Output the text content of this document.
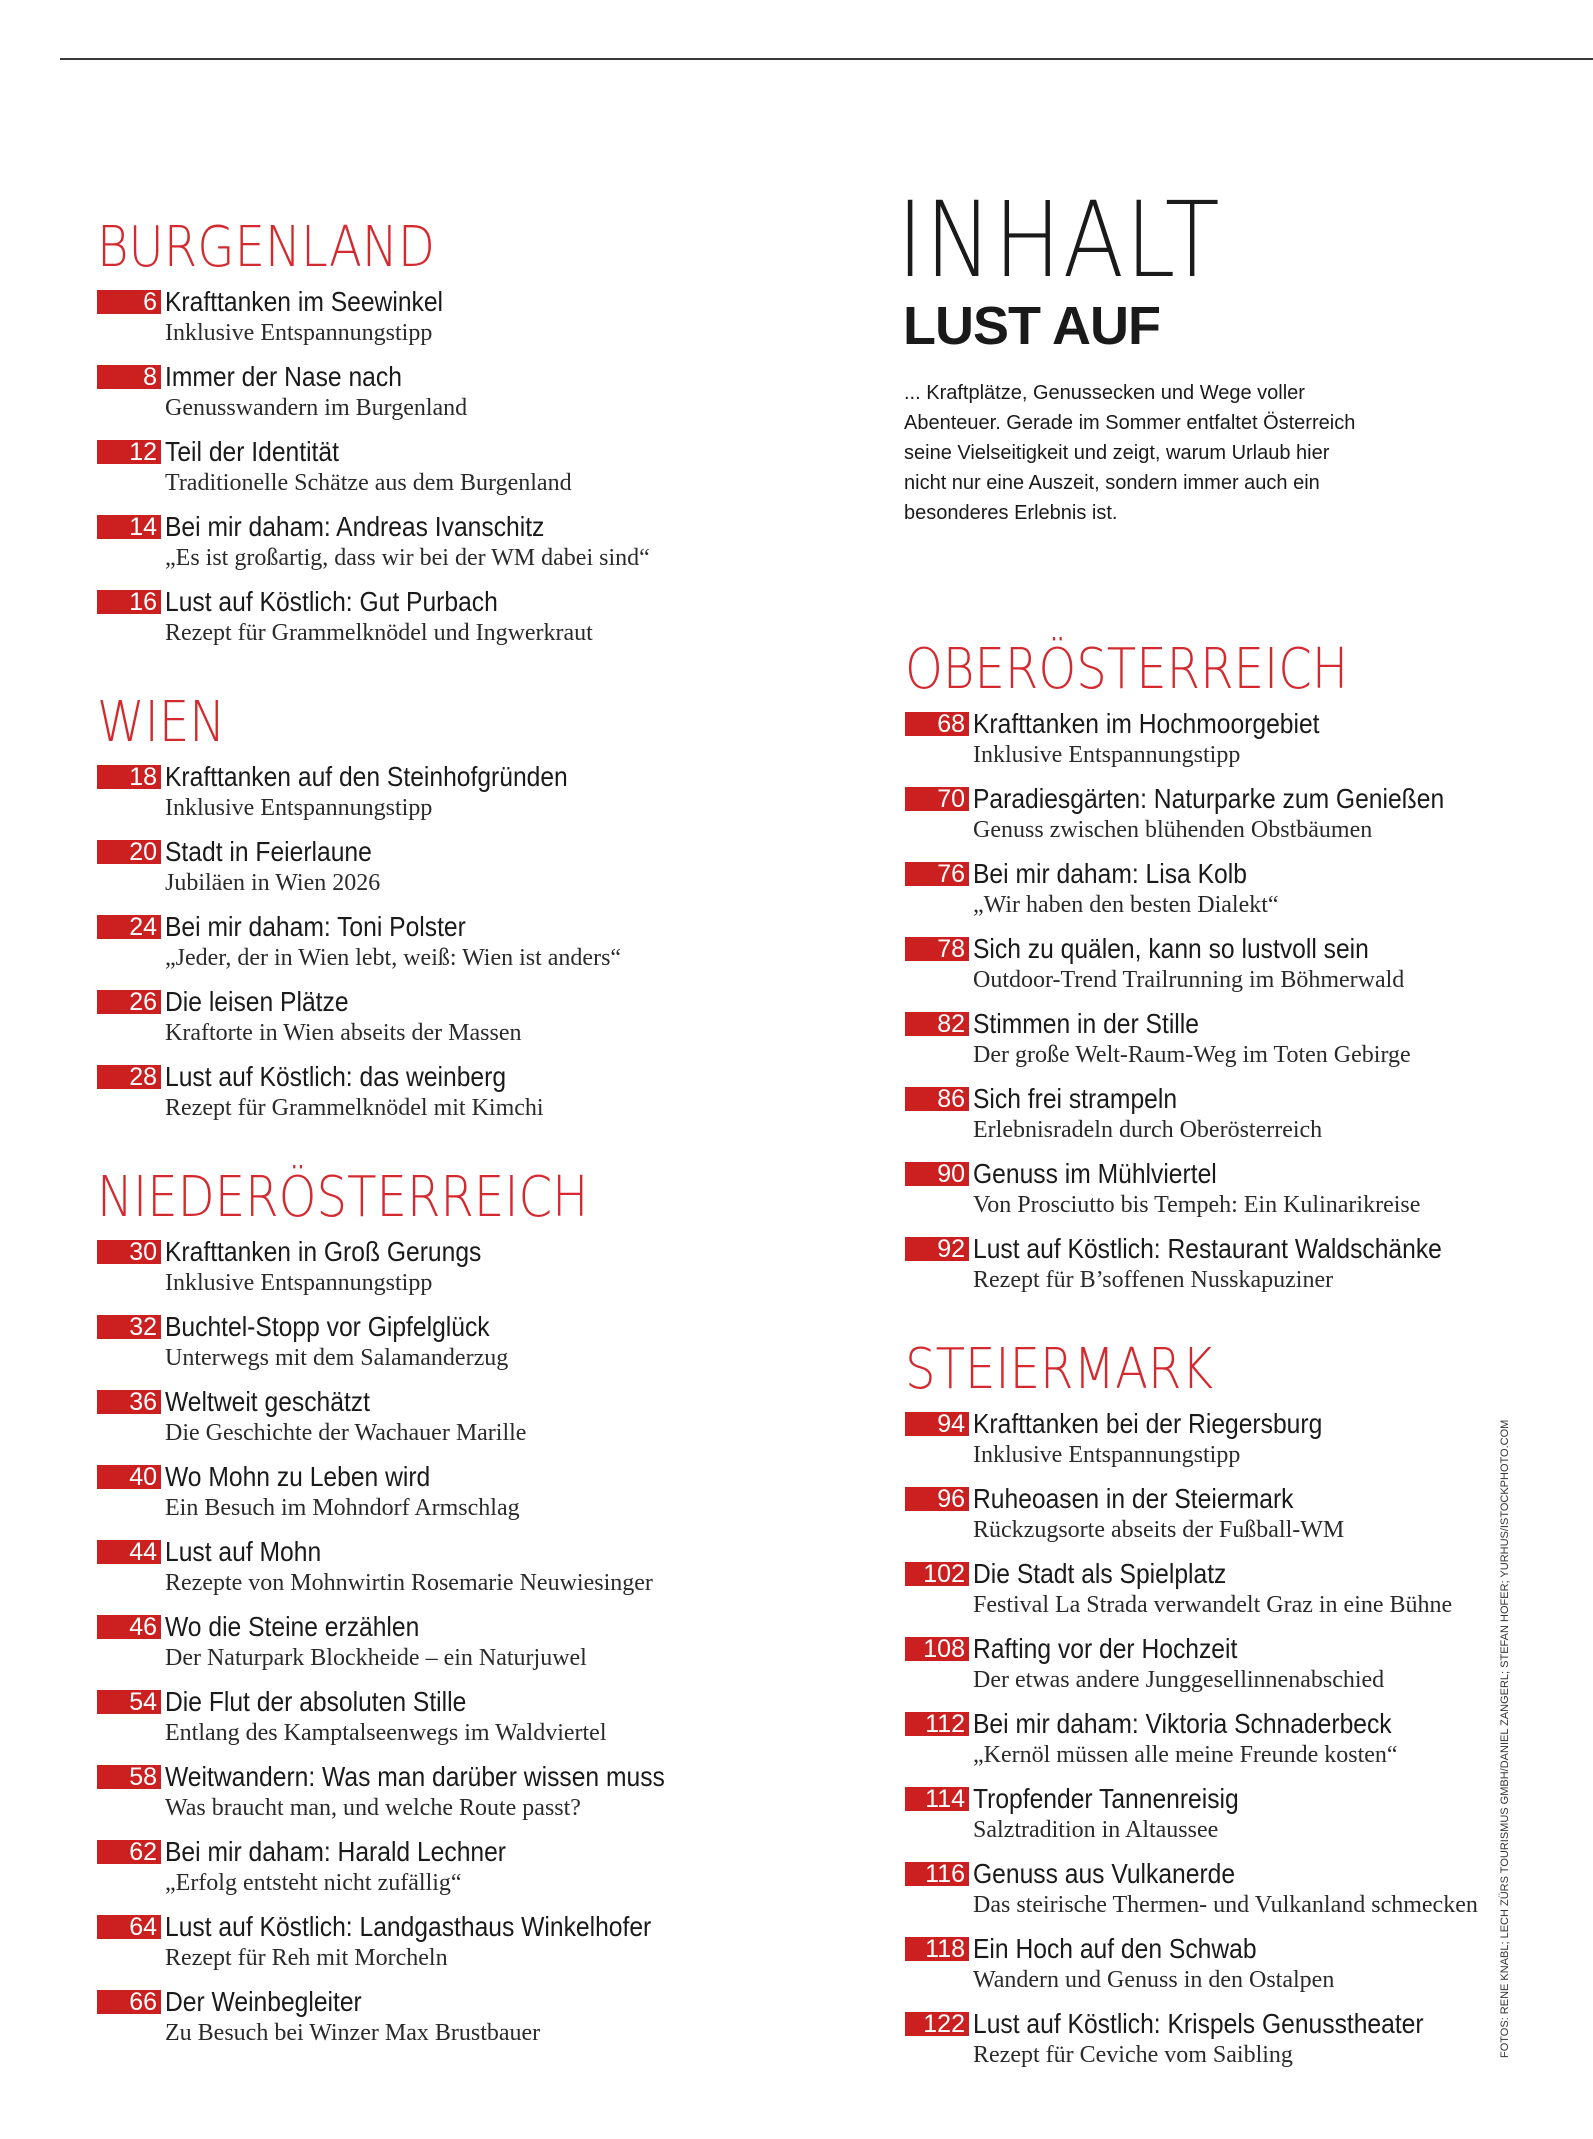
INHALT
LUST AUF
... Kraftplätze, Genussecken und Wege voller Abenteuer. Gerade im Sommer entfaltet Österreich seine Vielseitigkeit und zeigt, warum Urlaub hier nicht nur eine Auszeit, sondern immer auch ein besonderes Erlebnis ist.
BURGENLAND
6 Krafttanken im Seewinkel
Inklusive Entspannungstipp
8 Immer der Nase nach
Genusswandern im Burgenland
12 Teil der Identität
Traditionelle Schätze aus dem Burgenland
14 Bei mir daham: Andreas Ivanschitz
„Es ist großartig, dass wir bei der WM dabei sind“
16 Lust auf Köstlich: Gut Purbach
Rezept für Grammelknödel und Ingwerkraut
WIEN
18 Krafttanken auf den Steinhofgründen
Inklusive Entspannungstipp
20 Stadt in Feierlaune
Jubiläen in Wien 2026
24 Bei mir daham: Toni Polster
„Jeder, der in Wien lebt, weiß: Wien ist anders“
26 Die leisen Plätze
Kraftorte in Wien abseits der Massen
28 Lust auf Köstlich: das weinberg
Rezept für Grammelknödel mit Kimchi
NIEDERÖSTERREICH
30 Krafttanken in Groß Gerungs
Inklusive Entspannungstipp
32 Buchtel-Stopp vor Gipfelglück
Unterwegs mit dem Salamanderzug
36 Weltweit geschätzt
Die Geschichte der Wachauer Marille
40 Wo Mohn zu Leben wird
Ein Besuch im Mohndorf Armschlag
44 Lust auf Mohn
Rezepte von Mohnwirtin Rosemarie Neuwiesinger
46 Wo die Steine erzählen
Der Naturpark Blockheide – ein Naturjuwel
54 Die Flut der absoluten Stille
Entlang des Kamptalseenwegs im Waldviertel
58 Weitwandern: Was man darüber wissen muss
Was braucht man, und welche Route passt?
62 Bei mir daham: Harald Lechner
„Erfolg entsteht nicht zufällig“
64 Lust auf Köstlich: Landgasthaus Winkelhofer
Rezept für Reh mit Morcheln
66 Der Weinbegleiter
Zu Besuch bei Winzer Max Brustbauer
OBERÖSTERREICH
68 Krafttanken im Hochmoorgebiet
Inklusive Entspannungstipp
70 Paradiesgärten: Naturparke zum Genießen
Genuss zwischen blühenden Obstbäumen
76 Bei mir daham: Lisa Kolb
„Wir haben den besten Dialekt“
78 Sich zu quälen, kann so lustvoll sein
Outdoor-Trend Trailrunning im Böhmerwald
82 Stimmen in der Stille
Der große Welt-Raum-Weg im Toten Gebirge
86 Sich frei strampeln
Erlebnisradeln durch Oberösterreich
90 Genuss im Mühlviertel
Von Prosciutto bis Tempeh: Ein Kulinarikreise
92 Lust auf Köstlich: Restaurant Waldschänke
Rezept für B’soffenen Nusskapuziner
STEIERMARK
94 Krafttanken bei der Riegersburg
Inklusive Entspannungstipp
96 Ruheoasen in der Steiermark
Rückzugsorte abseits der Fußball-WM
102 Die Stadt als Spielplatz
Festival La Strada verwandelt Graz in eine Bühne
108 Rafting vor der Hochzeit
Der etwas andere Junggesellinnenabschied
112 Bei mir daham: Viktoria Schnaderbeck
„Kernöl müssen alle meine Freunde kosten“
114 Tropfender Tannenreisig
Salztradition in Altaussee
116 Genuss aus Vulkanerde
Das steirische Thermen- und Vulkanland schmecken
118 Ein Hoch auf den Schwab
Wandern und Genuss in den Ostalpen
122 Lust auf Köstlich: Krispels Genusstheater
Rezept für Ceviche vom Saibling	FOTOS: RENE KNABL; LECH ZÜRS TOURISMUS GMBH/DANIEL ZANGERL; STEFAN HOFER; YURHUS/ISTOCKPHOTO.COM
